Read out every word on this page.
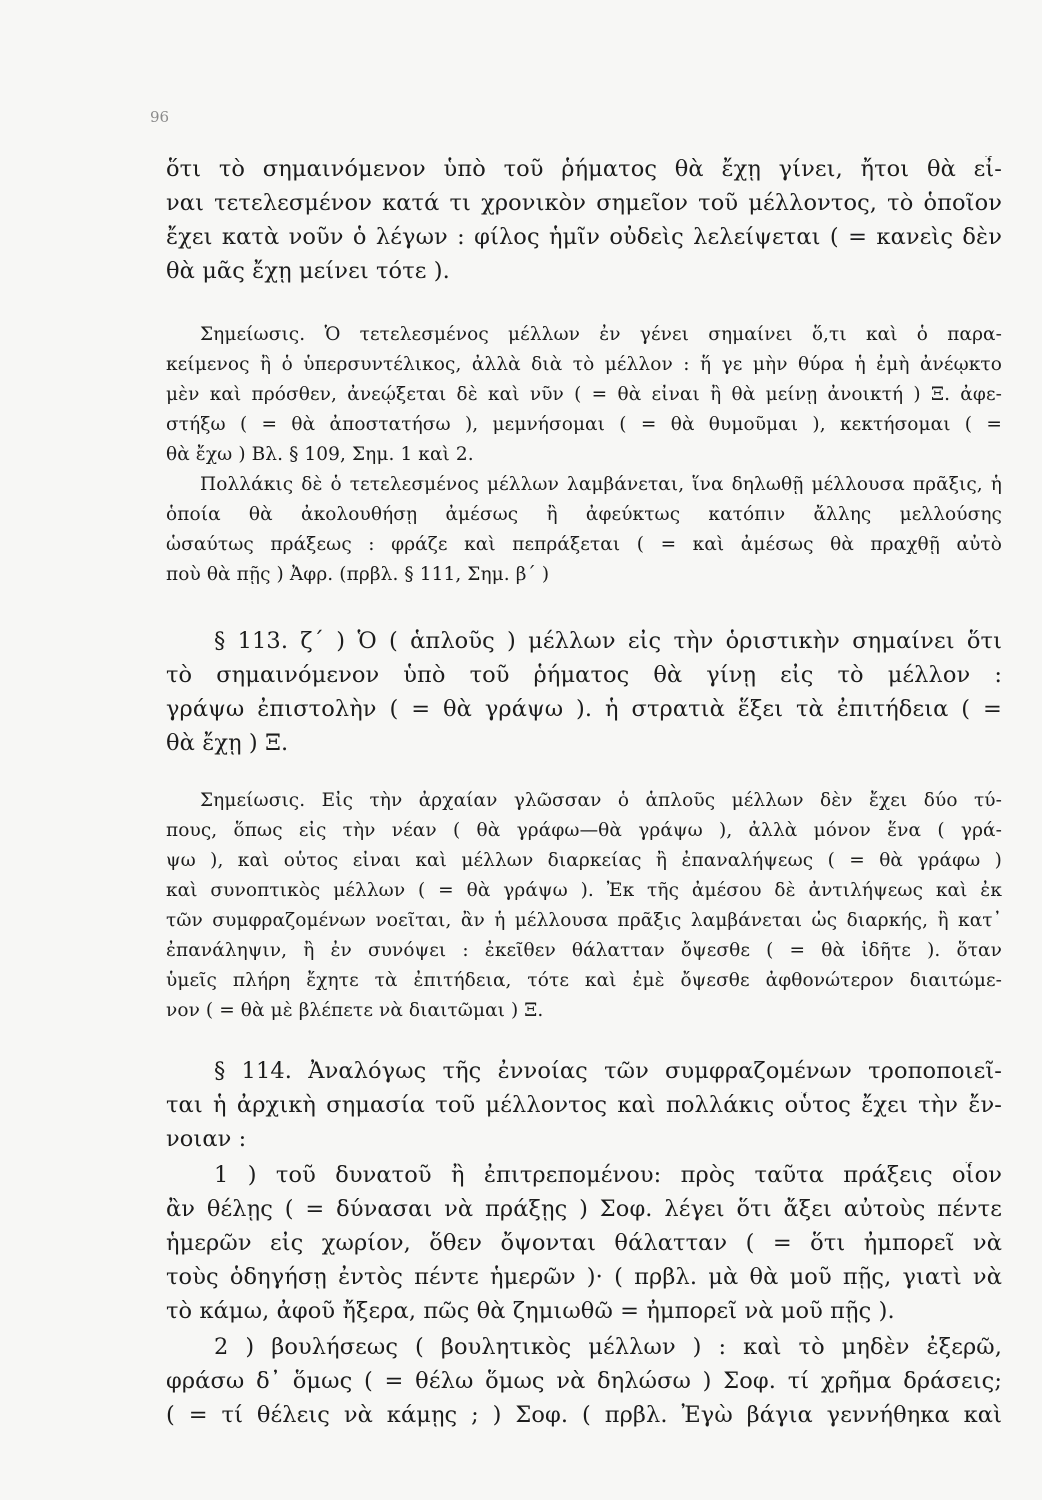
96
ὅτι τὸ σημαινόμενον ὑπὸ τοῦ ῥήματος θὰ ἔχῃ γίνει, ἤτοι θὰ εἶ-
ναι τετελεσμένον κατά τι χρονικὸν σημεῖον τοῦ μέλλοντος, τὸ ὁποῖον
ἔχει κατὰ νοῦν ὁ λέγων : φίλος ἡμῖν οὐδεὶς λελείψεται ( = κανεὶς δὲν
θὰ μᾶς ἔχῃ μείνει τότε ).
Σημείωσις. Ὁ τετελεσμένος μέλλων ἐν γένει σημαίνει ὅ,τι καὶ ὁ παρα-
κείμενος ἢ ὁ ὑπερσυντέλικος, ἀλλὰ διὰ τὸ μέλλον : ἥ γε μὴν θύρα ἡ ἐμὴ ἀνέῳκτο
μὲν καὶ πρόσθεν, ἀνεῴξεται δὲ καὶ νῦν ( = θὰ εἶναι ἢ θὰ μείνῃ ἀνοικτή ) Ξ. ἀφε-
στήξω ( = θὰ ἀποστατήσω ), μεμνήσομαι ( = θὰ θυμοῦμαι ), κεκτήσομαι ( =
θὰ ἔχω ) Βλ. § 109, Σημ. 1 καὶ 2.
Πολλάκις δὲ ὁ τετελεσμένος μέλλων λαμβάνεται, ἵνα δηλωθῇ μέλλουσα πρᾶξις, ἡ
ὁποία θὰ ἀκολουθήσῃ ἀμέσως ἢ ἀφεύκτως κατόπιν ἄλλης μελλούσης
ὡσαύτως πράξεως : φράζε καὶ πεπράξεται ( = καὶ ἀμέσως θὰ πραχθῇ αὐτὸ
ποὺ θὰ πῇς ) Ἀφρ. (πρβλ. § 111, Σημ. β΄ )
§ 113. ζ΄ ) Ὁ ( ἁπλοῦς ) μέλλων εἰς τὴν ὁριστικὴν σημαίνει ὅτι
τὸ σημαινόμενον ὑπὸ τοῦ ῥήματος θὰ γίνῃ εἰς τὸ μέλλον :
γράψω ἐπιστολὴν ( = θὰ γράψω ). ἡ στρατιὰ ἕξει τὰ ἐπιτήδεια ( =
θὰ ἔχῃ ) Ξ.
Σημείωσις. Εἰς τὴν ἀρχαίαν γλῶσσαν ὁ ἁπλοῦς μέλλων δὲν ἔχει δύο τύ-
πους, ὅπως εἰς τὴν νέαν ( θὰ γράφω—θὰ γράψω ), ἀλλὰ μόνον ἕνα ( γρά-
ψω ), καὶ οὗτος εἶναι καὶ μέλλων διαρκείας ἢ ἐπαναλήψεως ( = θὰ γράφω )
καὶ συνοπτικὸς μέλλων ( = θὰ γράψω ). Ἐκ τῆς ἀμέσου δὲ ἀντιλήψεως καὶ ἐκ
τῶν συμφραζομένων νοεῖται, ἂν ἡ μέλλουσα πρᾶξις λαμβάνεται ὡς διαρκής, ἢ κατ᾽
ἐπανάληψιν, ἢ ἐν συνόψει : ἐκεῖθεν θάλατταν ὄψεσθε ( = θὰ ἰδῆτε ). ὅταν
ὑμεῖς πλήρη ἔχητε τὰ ἐπιτήδεια, τότε καὶ ἐμὲ ὄψεσθε ἀφθονώτερον διαιτώμε-
νον ( = θὰ μὲ βλέπετε νὰ διαιτῶμαι ) Ξ.
§ 114. Ἀναλόγως τῆς ἐννοίας τῶν συμφραζομένων τροποποιεῖ-
ται ἡ ἀρχικὴ σημασία τοῦ μέλλοντος καὶ πολλάκις οὗτος ἔχει τὴν ἔν-
νοιαν :
1 ) τοῦ δυνατοῦ ἢ ἐπιτρεπομένου: πρὸς ταῦτα πράξεις οἷον
ἂν θέλῃς ( = δύνασαι νὰ πράξῃς ) Σοφ. λέγει ὅτι ἄξει αὐτοὺς πέντε
ἡμερῶν εἰς χωρίον, ὅθεν ὄψονται θάλατταν ( = ὅτι ἠμπορεῖ νὰ
τοὺς ὁδηγήσῃ ἐντὸς πέντε ἡμερῶν )· ( πρβλ. μὰ θὰ μοῦ πῇς, γιατὶ νὰ
τὸ κάμω, ἀφοῦ ἤξερα, πῶς θὰ ζημιωθῶ = ἠμπορεῖ νὰ μοῦ πῇς ).
2 ) βουλήσεως ( βουλητικὸς μέλλων ) : καὶ τὸ μηδὲν ἐξερῶ,
φράσω δ᾽ ὅμως ( = θέλω ὅμως νὰ δηλώσω ) Σοφ. τί χρῆμα δράσεις;
( = τί θέλεις νὰ κάμῃς ; ) Σοφ. ( πρβλ. Ἐγὼ βάγια γεννήθηκα καὶ
